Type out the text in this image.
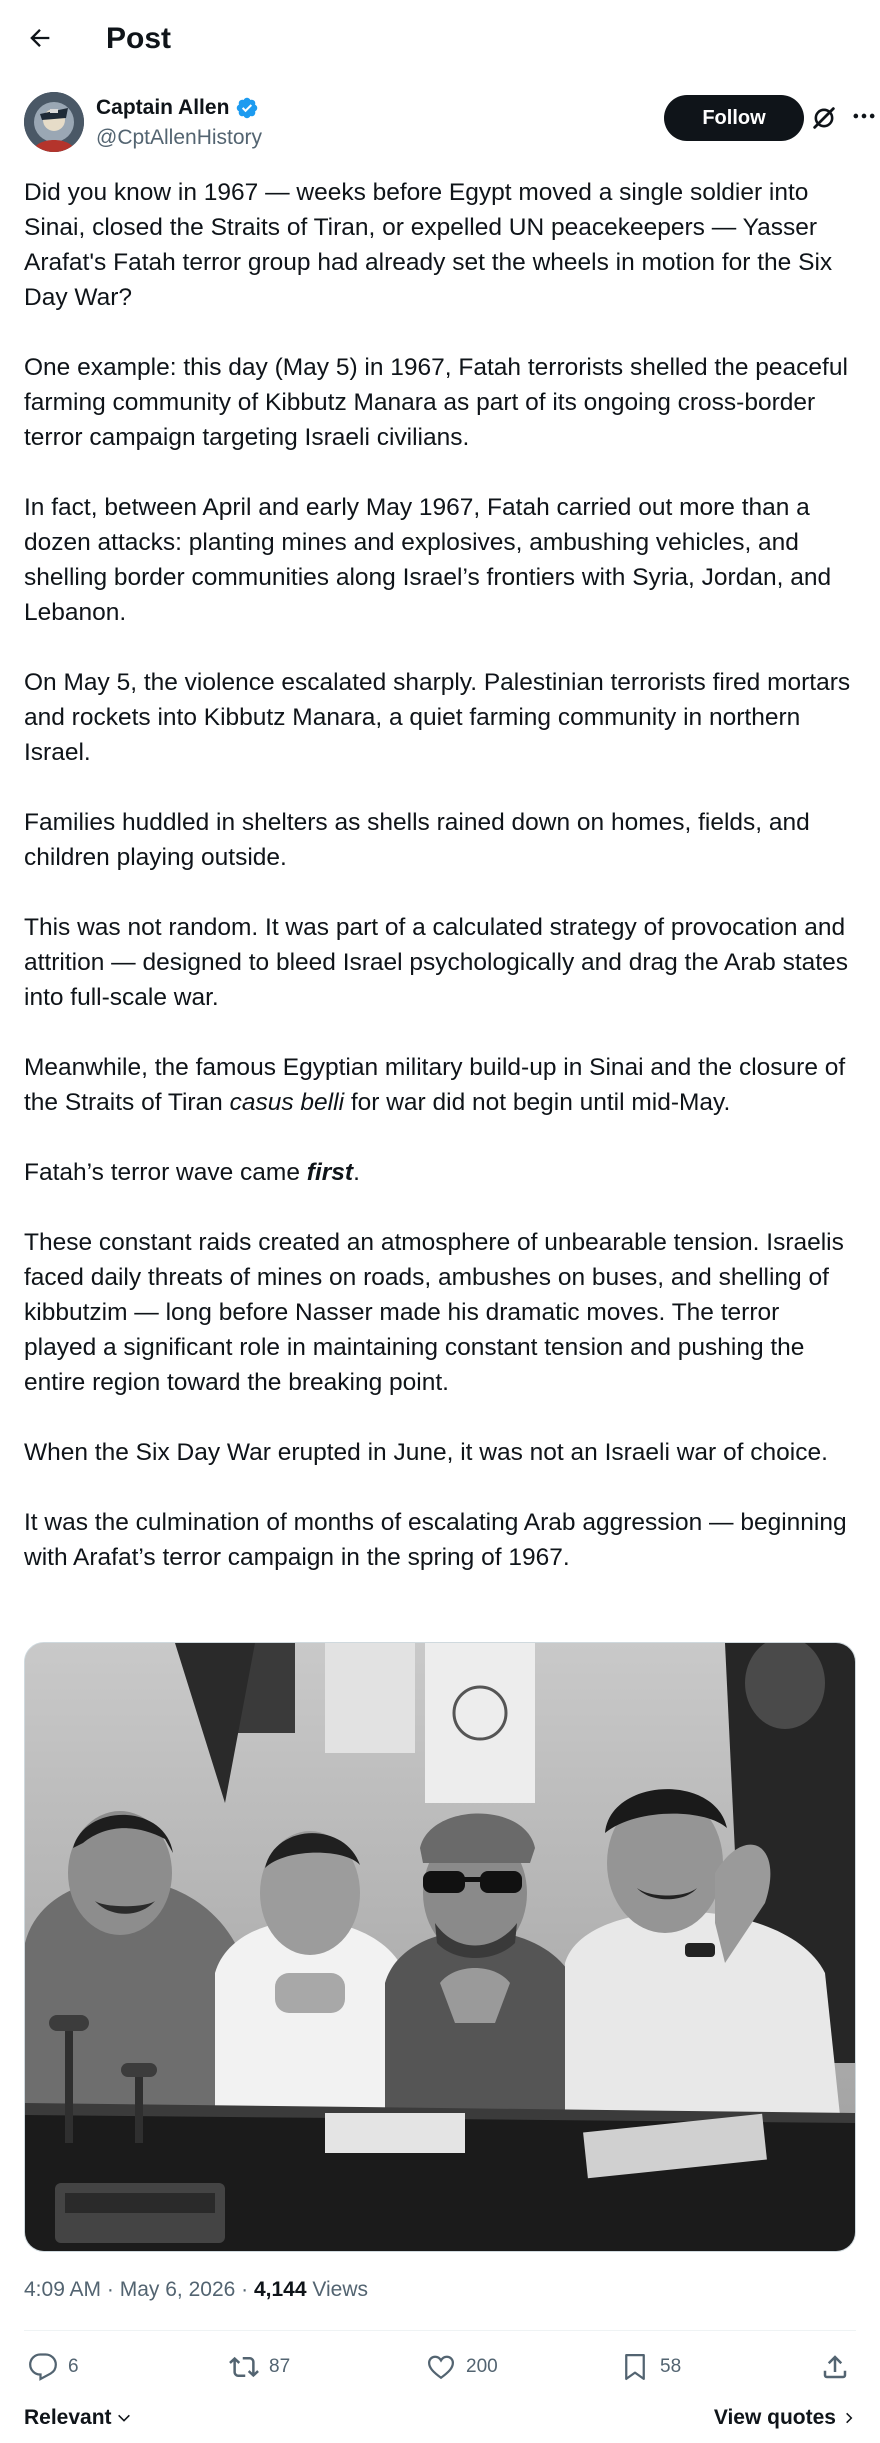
Post
Captain Allen
@CptAllenHistory
Follow

Did you know in 1967 — weeks before Egypt moved a single soldier into Sinai, closed the Straits of Tiran, or expelled UN peacekeepers — Yasser Arafat's Fatah terror group had already set the wheels in motion for the Six Day War?

One example: this day (May 5) in 1967, Fatah terrorists shelled the peaceful farming community of Kibbutz Manara as part of its ongoing cross-border terror campaign targeting Israeli civilians.

In fact, between April and early May 1967, Fatah carried out more than a dozen attacks: planting mines and explosives, ambushing vehicles, and shelling border communities along Israel’s frontiers with Syria, Jordan, and Lebanon.

On May 5, the violence escalated sharply. Palestinian terrorists fired mortars and rockets into Kibbutz Manara, a quiet farming community in northern Israel.

Families huddled in shelters as shells rained down on homes, fields, and children playing outside.

This was not random. It was part of a calculated strategy of provocation and attrition — designed to bleed Israel psychologically and drag the Arab states into full-scale war.

Meanwhile, the famous Egyptian military build-up in Sinai and the closure of the Straits of Tiran casus belli for war did not begin until mid-May.

Fatah’s terror wave came first.

These constant raids created an atmosphere of unbearable tension. Israelis faced daily threats of mines on roads, ambushes on buses, and shelling of kibbutzim — long before Nasser made his dramatic moves. The terror played a significant role in maintaining constant tension and pushing the entire region toward the breaking point.

When the Six Day War erupted in June, it was not an Israeli war of choice.

It was the culmination of months of escalating Arab aggression — beginning with Arafat’s terror campaign in the spring of 1967.

4:09 AM · May 6, 2026 · 4,144 Views
6	87	200	58
Relevant	View quotes
